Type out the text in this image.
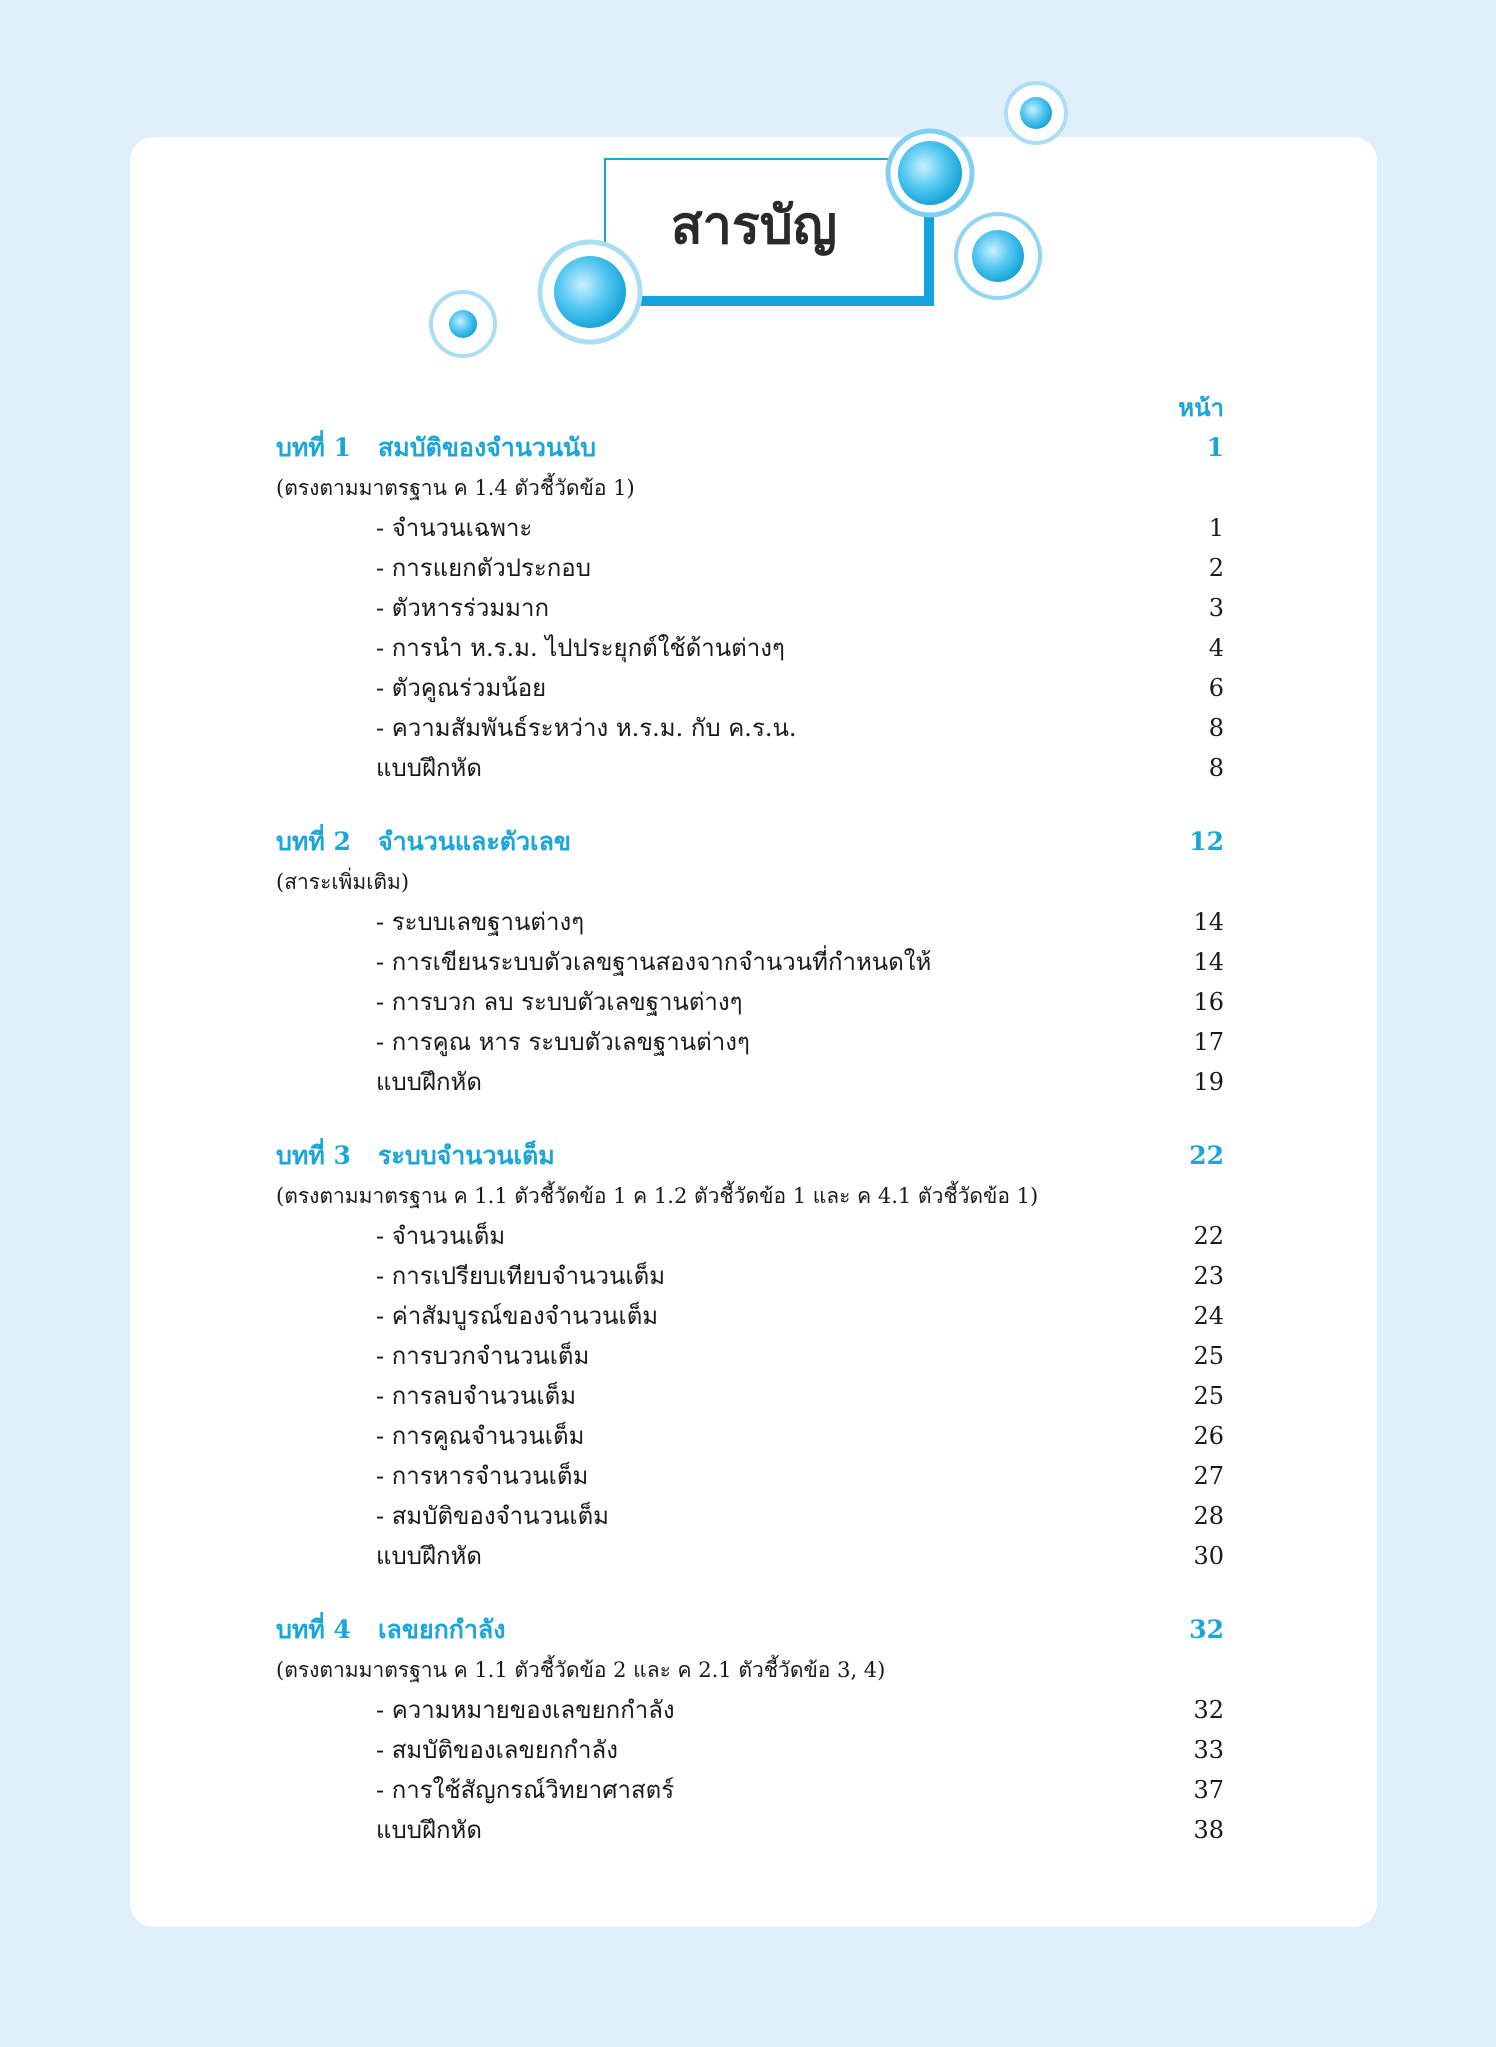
สารบัญ
หน้า
บทที่ 1 สมบัติของจำนวนนับ	1
(ตรงตามมาตรฐาน ค 1.4 ตัวชี้วัดข้อ 1)
- จำนวนเฉพาะ	1
- การแยกตัวประกอบ	2
- ตัวหารร่วมมาก	3
- การนำ ห.ร.ม. ไปประยุกต์ใช้ด้านต่างๆ	4
- ตัวคูณร่วมน้อย	6
- ความสัมพันธ์ระหว่าง ห.ร.ม. กับ ค.ร.น.	8
แบบฝึกหัด	8
บทที่ 2 จำนวนและตัวเลข	12
(สาระเพิ่มเติม)
- ระบบเลขฐานต่างๆ	14
- การเขียนระบบตัวเลขฐานสองจากจำนวนที่กำหนดให้	14
- การบวก ลบ ระบบตัวเลขฐานต่างๆ	16
- การคูณ หาร ระบบตัวเลขฐานต่างๆ	17
แบบฝึกหัด	19
บทที่ 3 ระบบจำนวนเต็ม	22
(ตรงตามมาตรฐาน ค 1.1 ตัวชี้วัดข้อ 1 ค 1.2 ตัวชี้วัดข้อ 1 และ ค 4.1 ตัวชี้วัดข้อ 1)
- จำนวนเต็ม	22
- การเปรียบเทียบจำนวนเต็ม	23
- ค่าสัมบูรณ์ของจำนวนเต็ม	24
- การบวกจำนวนเต็ม	25
- การลบจำนวนเต็ม	25
- การคูณจำนวนเต็ม	26
- การหารจำนวนเต็ม	27
- สมบัติของจำนวนเต็ม	28
แบบฝึกหัด	30
บทที่ 4 เลขยกกำลัง	32
(ตรงตามมาตรฐาน ค 1.1 ตัวชี้วัดข้อ 2 และ ค 2.1 ตัวชี้วัดข้อ 3, 4)
- ความหมายของเลขยกกำลัง	32
- สมบัติของเลขยกกำลัง	33
- การใช้สัญกรณ์วิทยาศาสตร์	37
แบบฝึกหัด	38
